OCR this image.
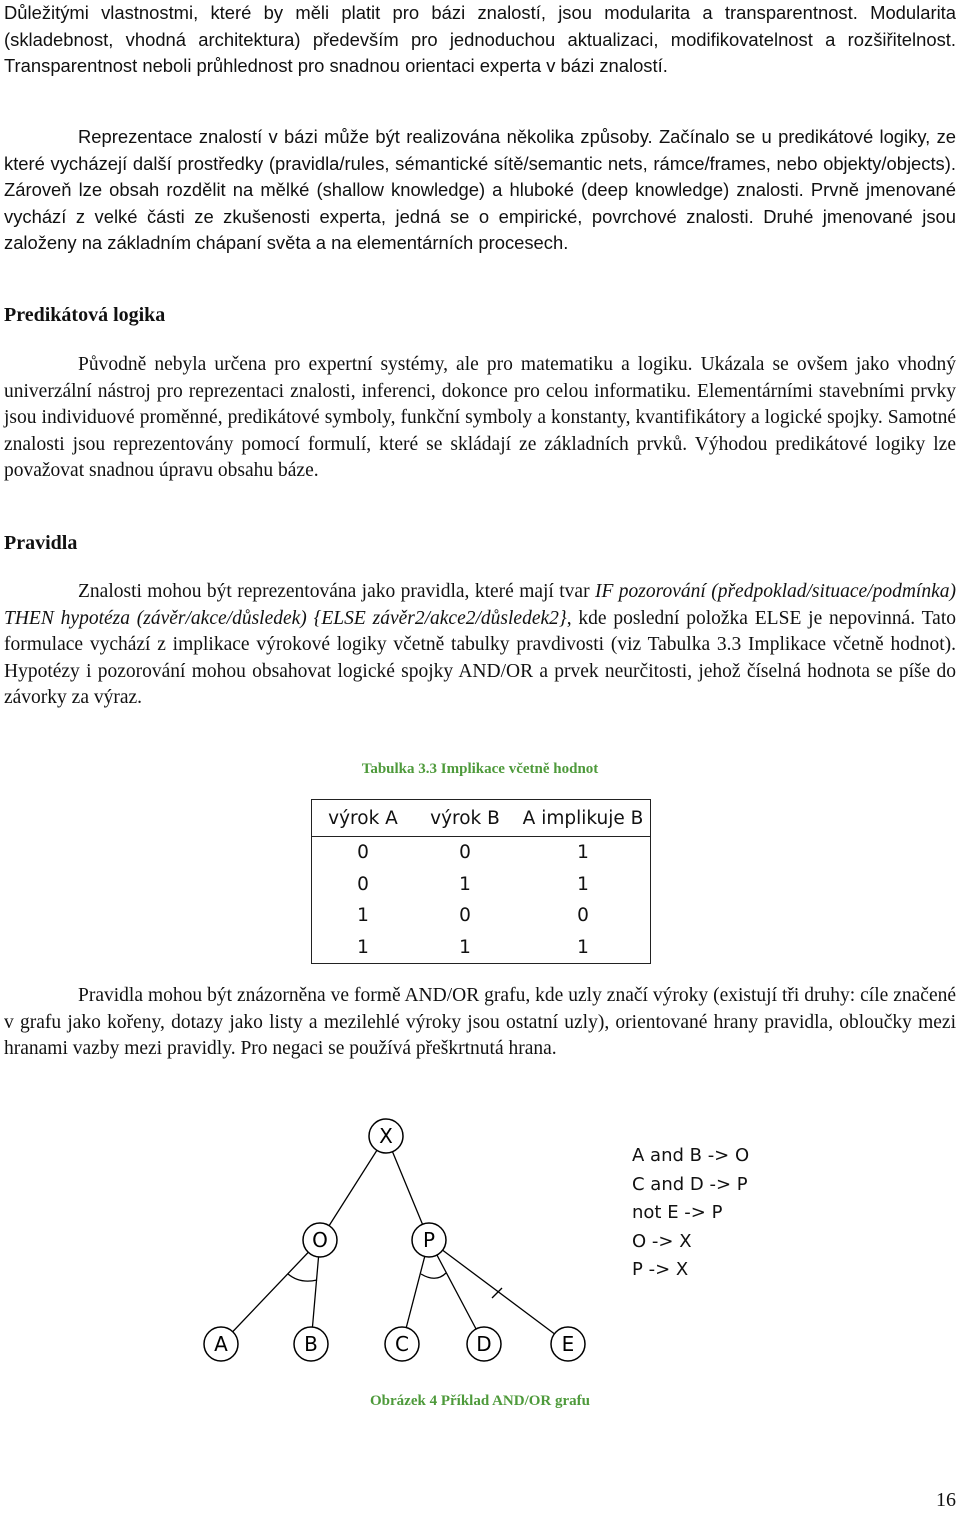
Důležitými vlastnostmi, které by měli platit pro bázi znalostí, jsou modularita a transparentnost. Modularita (skladebnost, vhodná architektura) především pro jednoduchou aktualizaci, modifikovatelnost a rozšiřitelnost. Transparentnost neboli průhlednost pro snadnou orientaci experta v bázi znalostí.

Reprezentace znalostí v bázi může být realizována několika způsoby. Začínalo se u predikátové logiky, ze které vycházejí další prostředky (pravidla/rules, sémantické sítě/semantic nets, rámce/frames, nebo objekty/objects). Zároveň lze obsah rozdělit na mělké (shallow knowledge) a hluboké (deep knowledge) znalosti. Prvně jmenované vychází z velké části ze zkušenosti experta, jedná se o empirické, povrchové znalosti. Druhé jmenované jsou založeny na základním chápaní světa a na elementárních procesech.

Predikátová logika

Původně nebyla určena pro expertní systémy, ale pro matematiku a logiku. Ukázala se ovšem jako vhodný univerzální nástroj pro reprezentaci znalosti, inferenci, dokonce pro celou informatiku. Elementárními stavebními prvky jsou individuové proměnné, predikátové symboly, funkční symboly a konstanty, kvantifikátory a logické spojky. Samotné znalosti jsou reprezentovány pomocí formulí, které se skládají ze základních prvků. Výhodou predikátové logiky lze považovat snadnou úpravu obsahu báze.

Pravidla

Znalosti mohou být reprezentována jako pravidla, které mají tvar IF pozorování (předpoklad/situace/podmínka) THEN hypotéza (závěr/akce/důsledek) {ELSE závěr2/akce2/důsledek2}, kde poslední položka ELSE je nepovinná. Tato formulace vychází z implikace výrokové logiky včetně tabulky pravdivosti (viz Tabulka 3.3 Implikace včetně hodnot). Hypotézy i pozorování mohou obsahovat logické spojky AND/OR a prvek neurčitosti, jehož číselná hodnota se píše do závorky za výraz.

Tabulka 3.3 Implikace včetně hodnot
výrok A	výrok B	A implikuje B
0	0	1
0	1	1
1	0	0
1	1	1

Pravidla mohou být znázorněna ve formě AND/OR grafu, kde uzly značí výroky (existují tři druhy: cíle značené v grafu jako kořeny, dotazy jako listy a mezilehlé výroky jsou ostatní uzly), orientované hrany pravidla, obloučky mezi hranami vazby mezi pravidly. Pro negaci se používá přeškrtnutá hrana.

X
O	P
A	B	C	D	E
A and B -> O
C and D -> P
not E -> P
O -> X
P -> X
Obrázek 4 Příklad AND/OR grafu
16
